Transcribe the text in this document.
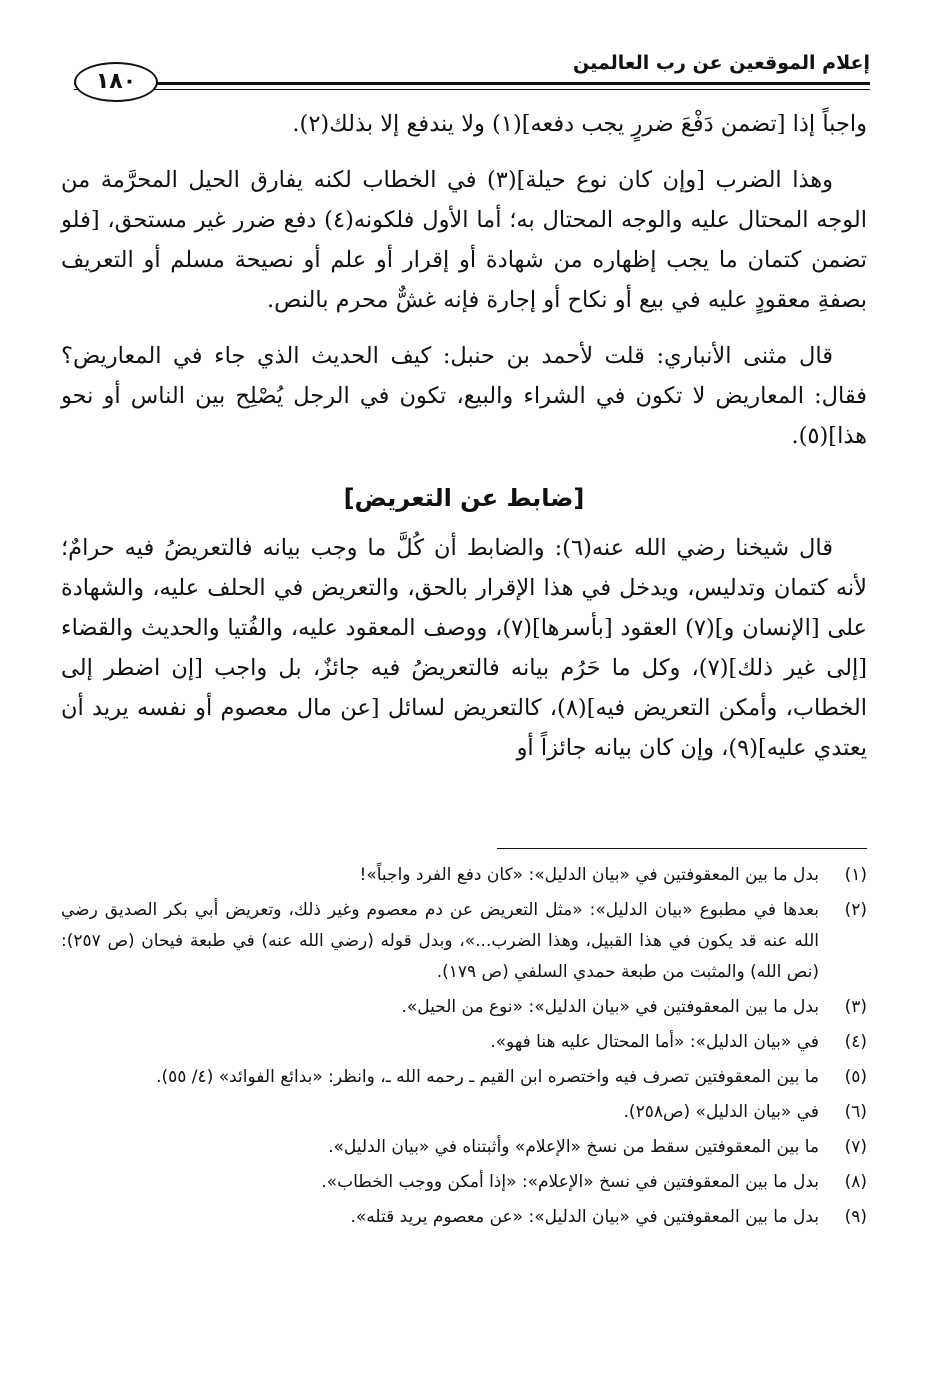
إعلام الموقعين عن رب العالمين
١٨٠

واجباً إذا [تضمن دَفْعَ ضررٍ يجب دفعه](١) ولا يندفع إلا بذلك(٢).

وهذا الضرب [وإن كان نوع حيلة](٣) في الخطاب لكنه يفارق الحيل المحرَّمة من الوجه المحتال عليه والوجه المحتال به؛ أما الأول فلكونه(٤) دفع ضرر غير مستحق، [فلو تضمن كتمان ما يجب إظهاره من شهادة أو إقرار أو علم أو نصيحة مسلم أو التعريف بصفةِ معقودٍ عليه في بيع أو نكاح أو إجارة فإنه غشٌّ محرم بالنص.

قال مثنى الأنباري: قلت لأحمد بن حنبل: كيف الحديث الذي جاء في المعاريض؟ فقال: المعاريض لا تكون في الشراء والبيع، تكون في الرجل يُصْلِح بين الناس أو نحو هذا](٥).

[ضابط عن التعريض]

قال شيخنا رضي الله عنه(٦): والضابط أن كُلَّ ما وجب بيانه فالتعريضُ فيه حرامٌ؛ لأنه كتمان وتدليس، ويدخل في هذا الإقرار بالحق، والتعريض في الحلف عليه، والشهادة على [الإنسان و](٧) العقود [بأسرها](٧)، ووصف المعقود عليه، والفُتيا والحديث والقضاء [إلى غير ذلك](٧)، وكل ما حَرُم بيانه فالتعريضُ فيه جائزٌ، بل واجب [إن اضطر إلى الخطاب، وأمكن التعريض فيه](٨)، كالتعريض لسائل [عن مال معصوم أو نفسه يريد أن يعتدي عليه](٩)، وإن كان بيانه جائزاً أو

(١)
بدل ما بين المعقوفتين في «بيان الدليل»: «كان دفع الفرد واجباً»!
(٢)
بعدها في مطبوع «بيان الدليل»: «مثل التعريض عن دم معصوم وغير ذلك، وتعريض أبي بكر الصديق رضي الله عنه قد يكون في هذا القبيل، وهذا الضرب...»، وبدل قوله (رضي الله عنه) في طبعة فيحان (ص ٢٥٧): (نص الله) والمثبت من طبعة حمدي السلفي (ص ١٧٩).
(٣)
بدل ما بين المعقوفتين في «بيان الدليل»: «نوع من الحيل».
(٤)
في «بيان الدليل»: «أما المحتال عليه هنا فهو».
(٥)
ما بين المعقوفتين تصرف فيه واختصره ابن القيم ـ رحمه الله ـ، وانظر: «بدائع الفوائد» (٤/ ٥٥).
(٦)
في «بيان الدليل» (ص٢٥٨).
(٧)
ما بين المعقوفتين سقط من نسخ «الإعلام» وأثبتناه في «بيان الدليل».
(٨)
بدل ما بين المعقوفتين في نسخ «الإعلام»: «إذا أمكن ووجب الخطاب».
(٩)
بدل ما بين المعقوفتين في «بيان الدليل»: «عن معصوم يريد قتله».
